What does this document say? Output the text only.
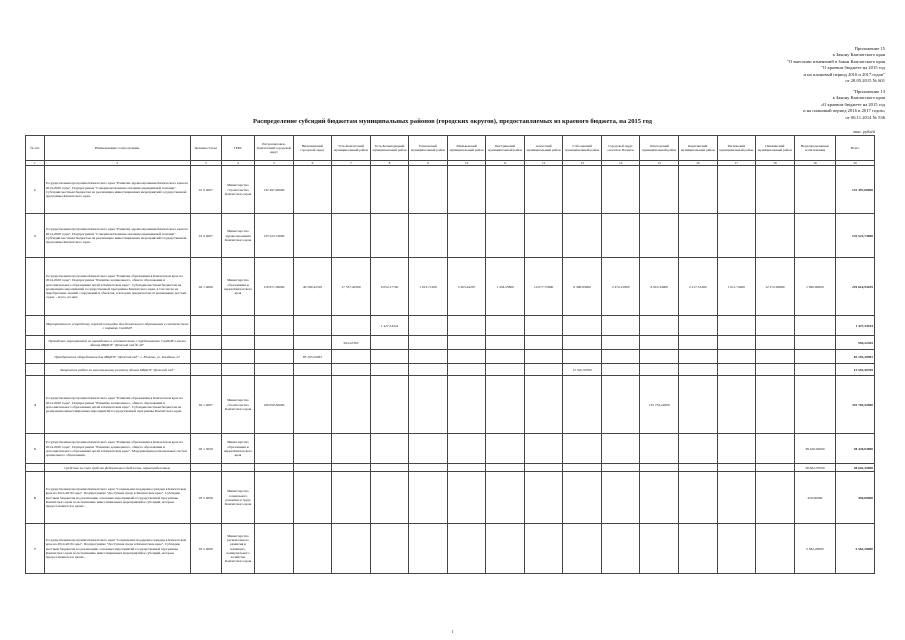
Приложение 15
к Закону Камчатского края
"О внесении изменений в Закон Камчатского края
"О краевом бюджете на 2015 год
и на плановый период 2016 и 2017 годов"
от 28.05.2015 № 601
"Приложение 13
к Закону Камчатского края
«О краевом бюджете на 2015 год
и на плановый период 2016 и 2017 годов»
от 06.11.2014 № 536
Распределение субсидий бюджетам муниципальных районов (городских округов), предоставляемых из краевого бюджета, на 2015 год
тыс. рублей
№ п/п	Наименование госпрограммы	Целевая статья	ГРБС	Петропавловск-Камчатский городской округ	Вилючинский городской округ	Усть-Камчатский муниципальный район	Усть-Большерецкий муниципальный район	Елизовский муниципальный район	Мильковский муниципальный район	Быстринский муниципальный район	Алеутский муниципальный район	Соболевский муниципальный район	Городской округ «посёлок Палана»	Олюторский муниципальный район	Карагинский муниципальный район	Тигильский муниципальный район	Пенжинский муниципальный район	Нераспределенные ассигнования	Всего
1	2	3	4	5	6	7	8	9	10	11	12	13	14	15	16	17	18	19	20
1	Государственная программа Камчатского края "Развитие здравоохранения Камчатского края на 2014-2020 годы". Подпрограмма "Совершенствование оказания медицинской помощи". Субсидии местным бюджетам на реализацию инвестиционных мероприятий государственной программы Камчатского края.	01 9 4007	Министерство строительства Камчатского края	132 497,00000															132 497,00000
2	Государственная программа Камчатского края "Развитие здравоохранения Камчатского края на 2014-2020 годы". Подпрограмма "Совершенствование оказания медицинской помощи". Субсидии местным бюджетам на реализацию инвестиционных мероприятий государственной программы Камчатского края.	01 9 4007	Министерство здравоохранения Камчатского края	135 522,74000															135 522,74000
	Государственная программа Камчатского края "Развитие образования в Камчатском крае на 2014-2020 годы". Подпрограмма "Развитие дошкольного, общего образования и дополнительного образования детей в Камчатском крае". Субсидии местным бюджетам на реализацию мероприятий государственной программы Камчатского края, в том числе на приобретение зданий, сооружений и объектов, в которых предполагается размещение детских садов, - всего, из них:	02 1 4006	Министерство образования и науки Камчатского края	118 971,58000	40 589,42310	17 537,42560	9 052,17740	1 613,71200	5 205,44297	1 434,25800	14 077,75890	8 390,85000	2 472,21800	8 910,34900	2 217,31400	1 611,74200	12 272,63680	1 090,00000	229 616,94185
	Мероприятия по устройству игровой площадки для дошкольного образования в соответствии с нормами СанПиН						1 427,34344												1 427,34344
	Проведение мероприятий по проведению в соответствие с требованиями СанПиН в части здания МБДОУ "Детский сад № 40"					994,22365													994,22365
	Приобретение оборудования для МБДОУ "Детский сад", г. Елизово, ул. Звездная, 27				83 103,20981														83 103,20981
	Завершение работ по капитальному ремонту здания МБДОУ "Детский сад"											15 592,50769							15 592,50769
4	Государственная программа Камчатского края "Развитие образования в Камчатском крае на 2014-2020 годы". Подпрограмма "Развитие дошкольного, общего образования и дополнительного образования детей в Камчатском крае". Субсидии местным бюджетам на реализацию инвестиционных мероприятий государственной программы Камчатского края.	02 1 4007	Министерство строительства Камчатского края	190 050,30000										135 732,22000					325 782,52000
5	Государственная программа Камчатского края "Развитие образования в Камчатском крае на 2014-2020 годы". Подпрограмма "Развитие дошкольного, общего образования и дополнительного образования детей в Камчатском крае". Модернизация региональных систем дошкольного образования.	02 1 5059	Министерство образования и науки Камчатского края															38 420,04000	38 420,04000
	Средства за счет средств федерального бюджета, нераспределенные																	38 662,35000	38 662,35000
6	Государственная программа Камчатского края "Социальная поддержка граждан в Камчатском крае на 2014-2018 годы". Подпрограмма "Доступная среда в Камчатском крае". Субсидии местным бюджетам на реализацию основных мероприятий государственной программы Камчатского края по исполнению инвестиционных мероприятий и субсидий, которые предоставляются в целях...	03 5 4006	Министерство социального развития и труда Камчатского края															450,00000	450,00000
7	Государственная программа Камчатского края "Социальная поддержка граждан в Камчатском крае на 2014-2018 годы". Подпрограмма "Доступная среда в Камчатском крае". Субсидии местным бюджетам на реализацию основных мероприятий государственной программы Камчатского края по исполнению инвестиционных мероприятий и субсидий, которые предоставляются в целях...	03 5 4006	Министерство регионального развития и жилищно-коммунального хозяйства Камчатского края															5 562,20000	5 562,20000
1
